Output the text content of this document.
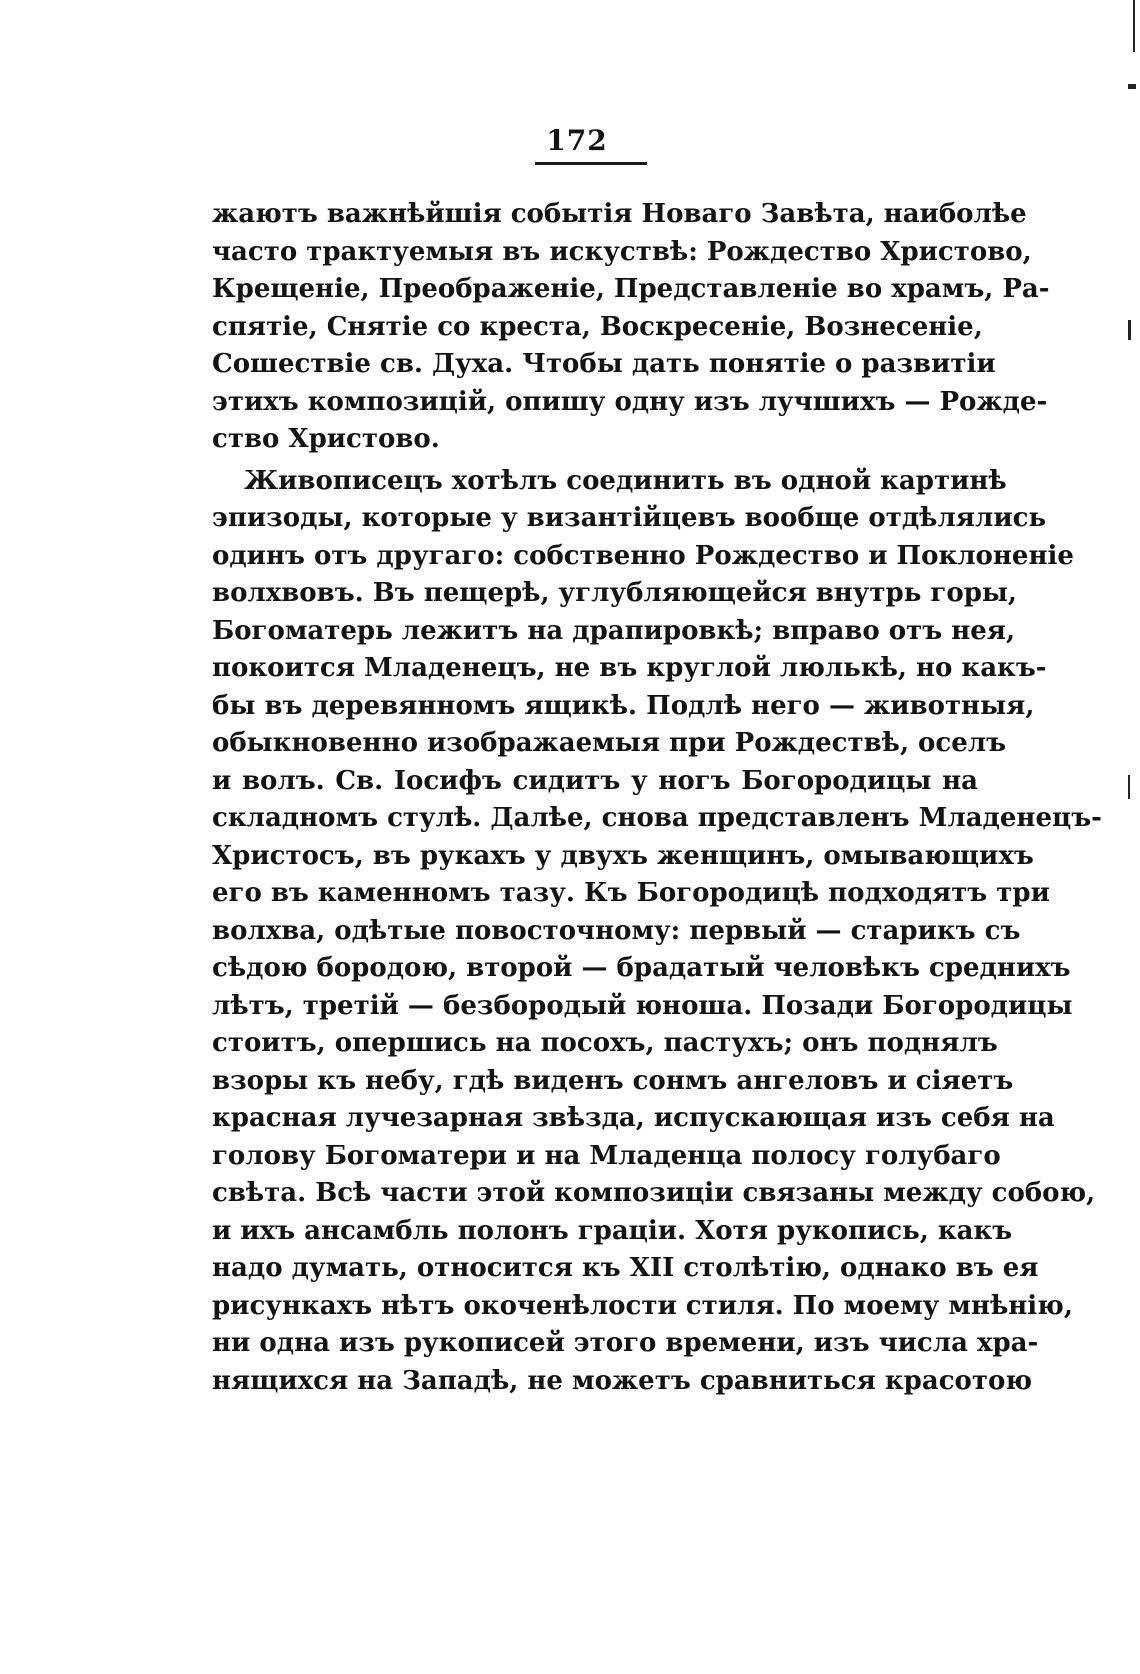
172
жаютъ важнѣйшія событія Новаго Завѣта, наиболѣе
часто трактуемыя въ искуствѣ: Рождество Христово,
Крещеніе, Преображеніе, Представленіе во храмъ, Ра-
спятіе, Снятіе со креста, Воскресеніе, Вознесеніе,
Сошествіе св. Духа. Чтобы дать понятіе о развитіи
этихъ композицій, опишу одну изъ лучшихъ — Рожде-
ство Христово.
Живописецъ хотѣлъ соединить въ одной картинѣ
эпизоды, которые у византійцевъ вообще отдѣлялись
одинъ отъ другаго: собственно Рождество и Поклоненіе
волхвовъ. Въ пещерѣ, углубляющейся внутрь горы,
Богоматерь лежитъ на драпировкѣ; вправо отъ нея,
покоится Младенецъ, не въ круглой люлькѣ, но какъ-
бы въ деревянномъ ящикѣ. Подлѣ него — животныя,
обыкновенно изображаемыя при Рождествѣ, оселъ
и волъ. Св. Іосифъ сидитъ у ногъ Богородицы на
складномъ стулѣ. Далѣе, снова представленъ Младенецъ-
Христосъ, въ рукахъ у двухъ женщинъ, омывающихъ
его въ каменномъ тазу. Къ Богородицѣ подходятъ три
волхва, одѣтые повосточному: первый — старикъ съ
сѣдою бородою, второй — брадатый человѣкъ среднихъ
лѣтъ, третій — безбородый юноша. Позади Богородицы
стоитъ, опершись на посохъ, пастухъ; онъ поднялъ
взоры къ небу, гдѣ виденъ сонмъ ангеловъ и сіяетъ
красная лучезарная звѣзда, испускающая изъ себя на
голову Богоматери и на Младенца полосу голубаго
свѣта. Всѣ части этой композиціи связаны между собою,
и ихъ ансамбль полонъ граціи. Хотя рукопись, какъ
надо думать, относится къ XII столѣтію, однако въ ея
рисункахъ нѣтъ окоченѣлости стиля. По моему мнѣнію,
ни одна изъ рукописей этого времени, изъ числа хра-
нящихся на Западѣ, не можетъ сравниться красотою
